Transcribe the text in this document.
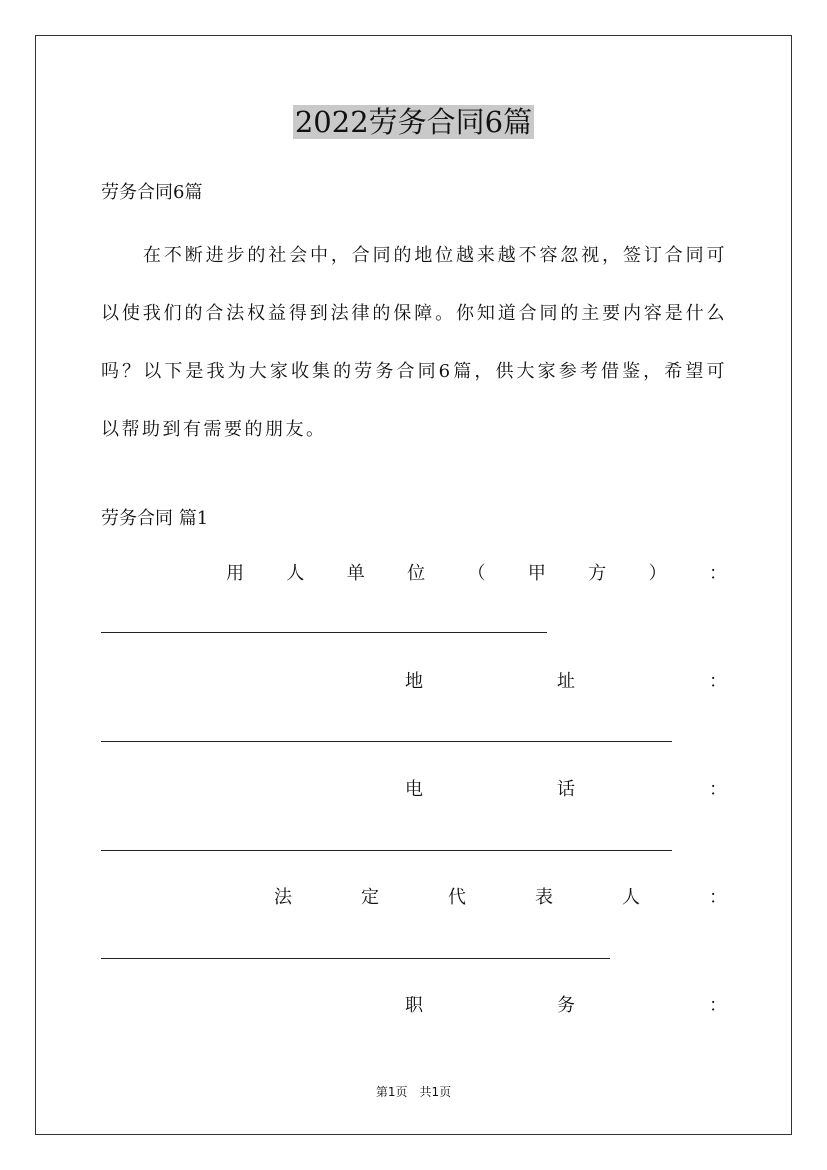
2022劳务合同6篇
劳务合同6篇

在不断进步的社会中，合同的地位越来越不容忽视，签订合同可以使我们的合法权益得到法律的保障。你知道合同的主要内容是什么吗？以下是我为大家收集的劳务合同6篇，供大家参考借鉴，希望可以帮助到有需要的朋友。

劳务合同 篇1
用 人 单 位 （ 甲 方 ） ：
地	址	：
电	话	：
法	定	代	表	人	：
职	务	：
第1页　共1页
